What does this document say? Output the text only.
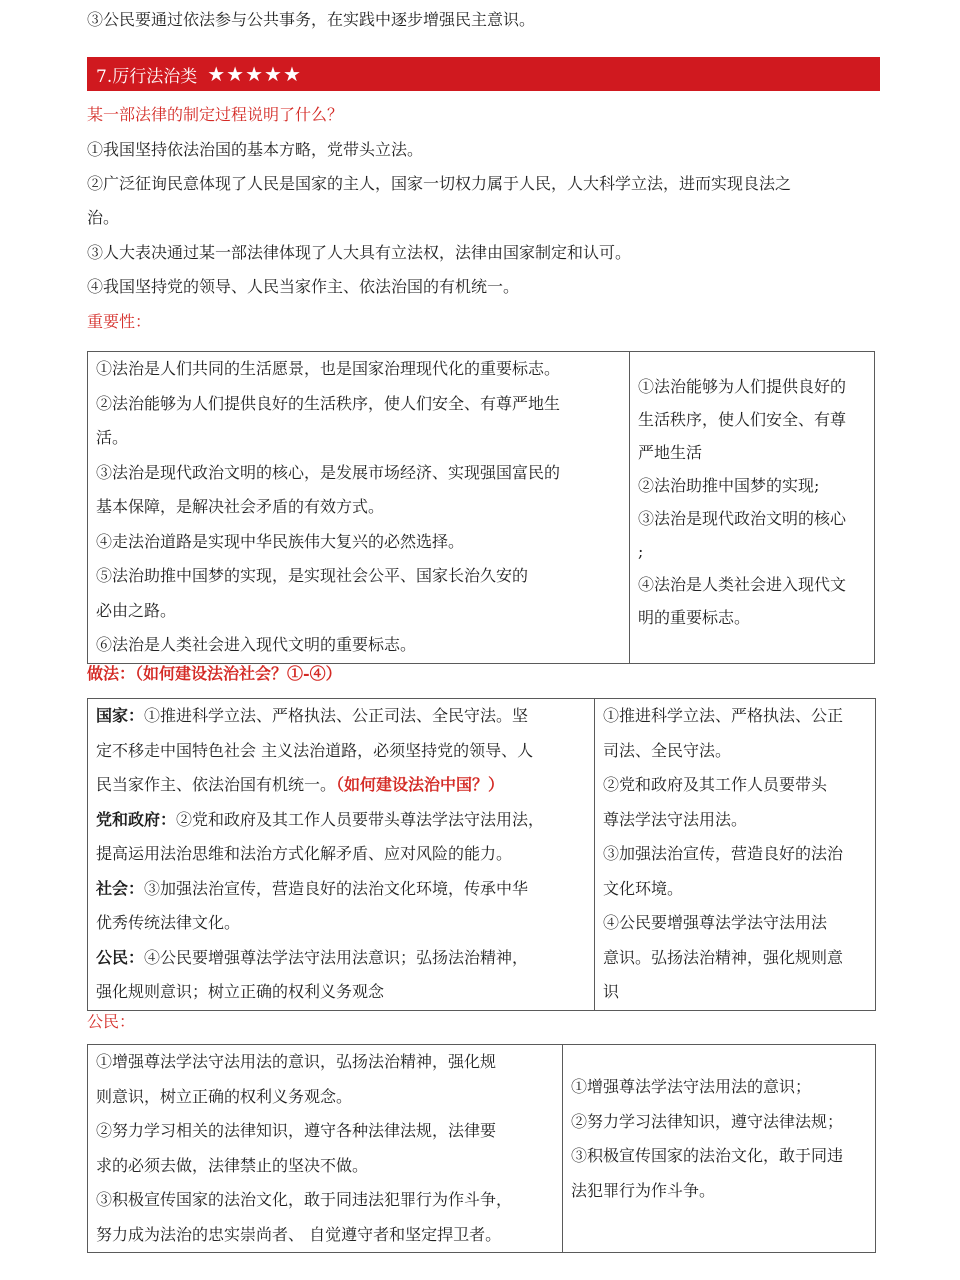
③公民要通过依法参与公共事务，在实践中逐步增强民主意识。
7.厉行法治类 ★★★★★
某一部法律的制定过程说明了什么？
①我国坚持依法治国的基本方略，党带头立法。
②广泛征询民意体现了人民是国家的主人，国家一切权力属于人民，人大科学立法，进而实现良法之
治。
③人大表决通过某一部法律体现了人大具有立法权，法律由国家制定和认可。
④我国坚持党的领导、人民当家作主、依法治国的有机统一。
重要性：

①法治是人们共同的生活愿景，也是国家治理现代化的重要标志。

②法治能够为人们提供良好的生活秩序，使人们安全、有尊严地生

活。

③法治是现代政治文明的核心，是发展市场经济、实现强国富民的

基本保障，是解决社会矛盾的有效方式。

④走法治道路是实现中华民族伟大复兴的必然选择。

⑤法治助推中国梦的实现，是实现社会公平、国家长治久安的

必由之路。

⑥法治是人类社会进入现代文明的重要标志。

①法治能够为人们提供良好的

生活秩序，使人们安全、有尊

严地生活

②法治助推中国梦的实现;

③法治是现代政治文明的核心

;

④法治是人类社会进入现代文

明的重要标志。

做法：（如何建设法治社会？①-④）

国家：①推进科学立法、严格执法、公正司法、全民守法。坚

定不移走中国特色社会 主义法治道路，必须坚持党的领导、人

民当家作主、依法治国有机统一。（如何建设法治中国？）

党和政府：②党和政府及其工作人员要带头尊法学法守法用法，

提高运用法治思维和法治方式化解矛盾、应对风险的能力。

社会：③加强法治宣传，营造良好的法治文化环境，传承中华

优秀传统法律文化。

公民：④公民要增强尊法学法守法用法意识；弘扬法治精神，

强化规则意识；树立正确的权利义务观念

①推进科学立法、严格执法、公正

司法、全民守法。

②党和政府及其工作人员要带头

尊法学法守法用法。

③加强法治宣传，营造良好的法治

文化环境。

④公民要增强尊法学法守法用法

意识。弘扬法治精神，强化规则意

识

公民：

①增强尊法学法守法用法的意识，弘扬法治精神，强化规

则意识，树立正确的权利义务观念。

②努力学习相关的法律知识，遵守各种法律法规，法律要

求的必须去做，法律禁止的坚决不做。

③积极宣传国家的法治文化，敢于同违法犯罪行为作斗争，

努力成为法治的忠实崇尚者、 自觉遵守者和坚定捍卫者。

①增强尊法学法守法用法的意识；

②努力学习法律知识，遵守法律法规；

③积极宣传国家的法治文化，敢于同违

法犯罪行为作斗争。
